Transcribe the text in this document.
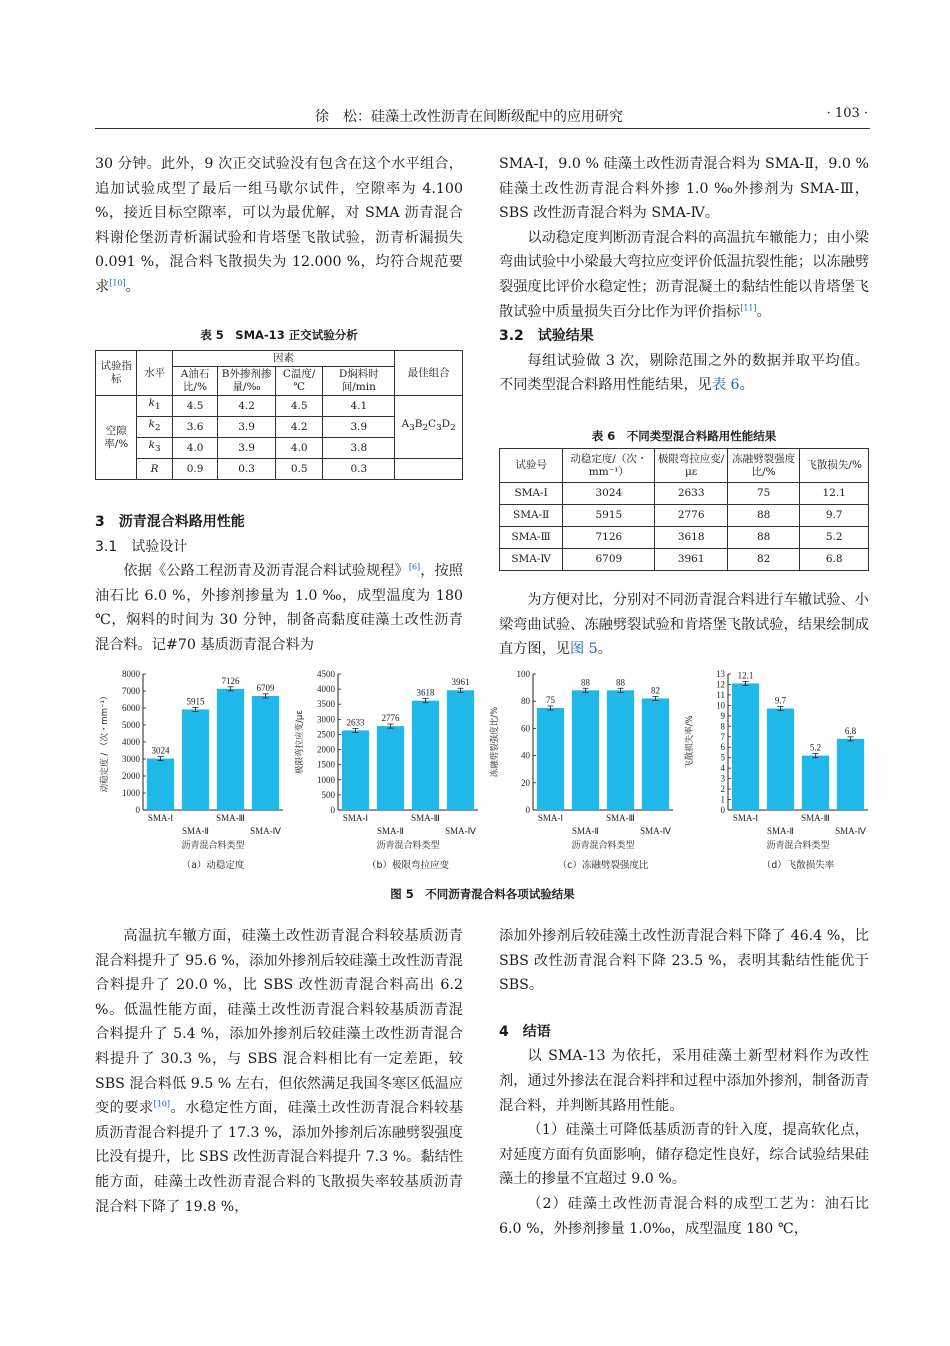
徐　松：硅藻土改性沥青在间断级配中的应用研究	· 103 ·

30 分钟。此外，9 次正交试验没有包含在这个水平组合，追加试验成型了最后一组马歇尔试件，空隙率为 4.100 %，接近目标空隙率，可以为最优解，对 SMA 沥青混合料谢伦堡沥青析漏试验和肯塔堡飞散试验，沥青析漏损失 0.091 %，混合料飞散损失为 12.000 %，均符合规范要求[10]。

表 5　SMA-13 正交试验分析
试验指标	水平	因素				最佳组合
		A油石比/%	B外掺剂掺量/‰	C温度/℃	D焖料时间/min	
空隙率/%	$k_1$	4.5	4.2	4.5	4.1	$A_3B_2C_3D_2$
	$k_2$	3.6	3.9	4.2	3.9	
	$k_3$	4.0	3.9	4.0	3.8	
	R	0.9	0.3	0.5	0.3	

3　沥青混合料路用性能

3.1　试验设计

依据《公路工程沥青及沥青混合料试验规程》[6]，按照油石比 6.0 %，外掺剂掺量为 1.0 ‰，成型温度为 180 ℃，焖料的时间为 30 分钟，制备高黏度硅藻土改性沥青混合料。记#70 基质沥青混合料为

SMA-Ⅰ，9.0 % 硅藻土改性沥青混合料为 SMA-Ⅱ，9.0 % 硅藻土改性沥青混合料外掺 1.0 ‰外掺剂为 SMA-Ⅲ，SBS 改性沥青混合料为 SMA-Ⅳ。

以动稳定度判断沥青混合料的高温抗车辙能力；由小梁弯曲试验中小梁最大弯拉应变评价低温抗裂性能；以冻融劈裂强度比评价水稳定性；沥青混凝土的黏结性能以肯塔堡飞散试验中质量损失百分比作为评价指标[11]。

3.2　试验结果

每组试验做 3 次，剔除范围之外的数据并取平均值。不同类型混合料路用性能结果，见表 6。

表 6　不同类型混合料路用性能结果
试验号	动稳定度/（次・mm⁻¹）	极限弯拉应变/με	冻融劈裂强度比/%	飞散损失/%
SMA-Ⅰ	3024	2633	75	12.1
SMA-Ⅱ	5915	2776	88	9.7
SMA-Ⅲ	7126	3618	88	5.2
SMA-Ⅳ	6709	3961	82	6.8

为方便对比，分别对不同沥青混合料进行车辙试验、小梁弯曲试验、冻融劈裂试验和肯塔堡飞散试验，结果绘制成直方图，见图 5。

0
1000
2000
3000
4000
5000
6000
7000
8000
动稳定度 / （次・mm⁻¹）	3024
SMA-Ⅰ
5915
SMA-Ⅱ
7126
SMA-Ⅲ
6709
SMA-Ⅳ
沥青混合料类型
（a）动稳定度
0
500
1000
1500
2000
2500
3000
3500
4000
4500
极限弯拉应变/με	2633
SMA-Ⅰ
2776
SMA-Ⅱ
3618
SMA-Ⅲ
3961
SMA-Ⅳ
沥青混合料类型
（b）极限弯拉应变
0
20
40
60
80
100
冻融劈裂强度比/%
75
SMA-Ⅰ
88
SMA-Ⅱ
88
SMA-Ⅲ
82
SMA-Ⅳ
沥青混合料类型
（c）冻融劈裂强度比
0
1
2
3
4
5
6
7
8
9
10
11
12
13
飞散损失率/%
12.1
SMA-Ⅰ
9.7
SMA-Ⅱ
5.2
SMA-Ⅲ
6.8
SMA-Ⅳ
沥青混合料类型
（d）飞散损失率
图 5　不同沥青混合料各项试验结果

高温抗车辙方面，硅藻土改性沥青混合料较基质沥青混合料提升了 95.6 %，添加外掺剂后较硅藻土改性沥青混合料提升了 20.0 %，比 SBS 改性沥青混合料高出 6.2 %。低温性能方面，硅藻土改性沥青混合料较基质沥青混合料提升了 5.4 %，添加外掺剂后较硅藻土改性沥青混合料提升了 30.3 %，与 SBS 混合料相比有一定差距，较 SBS 混合料低 9.5 % 左右，但依然满足我国冬寒区低温应变的要求[10]。水稳定性方面，硅藻土改性沥青混合料较基质沥青混合料提升了 17.3 %，添加外掺剂后冻融劈裂强度比没有提升，比 SBS 改性沥青混合料提升 7.3 %。黏结性能方面，硅藻土改性沥青混合料的飞散损失率较基质沥青混合料下降了 19.8 %，

添加外掺剂后较硅藻土改性沥青混合料下降了 46.4 %，比 SBS 改性沥青混合料下降 23.5 %，表明其黏结性能优于 SBS。

4　结语

以 SMA-13 为依托，采用硅藻土新型材料作为改性剂，通过外掺法在混合料拌和过程中添加外掺剂，制备沥青混合料，并判断其路用性能。

（1）硅藻土可降低基质沥青的针入度，提高软化点，对延度方面有负面影响，储存稳定性良好，综合试验结果硅藻土的掺量不宜超过 9.0 %。

（2）硅藻土改性沥青混合料的成型工艺为：油石比 6.0 %，外掺剂掺量 1.0‰，成型温度 180 ℃，
